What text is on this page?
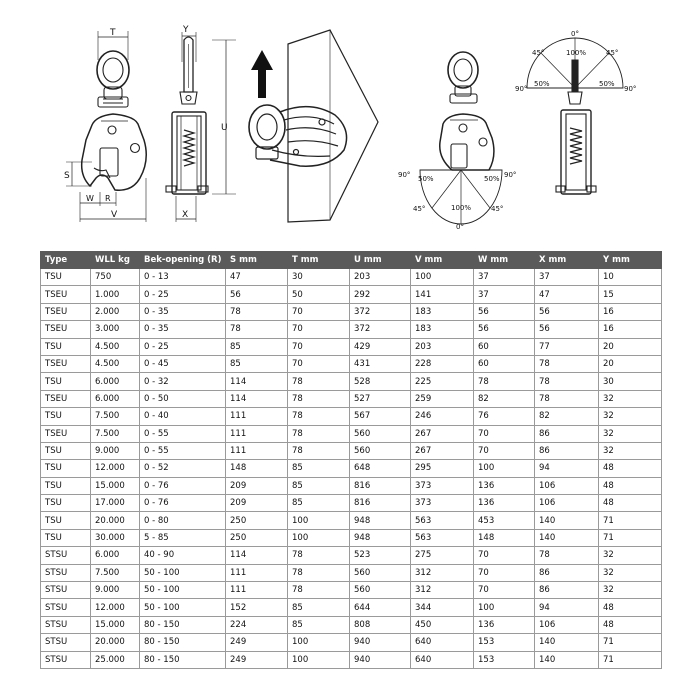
T
S
W R
V
Y
U
X
90°	90°
50%	50%
45°	45°
100%
0°
0°
45°	45°
100%
50%	50%
90°	90°
Type	WLL kg	Bek-opening (R)	S mm	T mm	U mm	V mm	W mm	X mm	Y mm
TSU	750	0 - 13	47	30	203	100	37	37	10
TSEU	1.000	0 - 25	56	50	292	141	37	47	15
TSEU	2.000	0 - 35	78	70	372	183	56	56	16
TSEU	3.000	0 - 35	78	70	372	183	56	56	16
TSU	4.500	0 - 25	85	70	429	203	60	77	20
TSEU	4.500	0 - 45	85	70	431	228	60	78	20
TSU	6.000	0 - 32	114	78	528	225	78	78	30
TSEU	6.000	0 - 50	114	78	527	259	82	78	32
TSU	7.500	0 - 40	111	78	567	246	76	82	32
TSEU	7.500	0 - 55	111	78	560	267	70	86	32
TSU	9.000	0 - 55	111	78	560	267	70	86	32
TSU	12.000	0 - 52	148	85	648	295	100	94	48
TSU	15.000	0 - 76	209	85	816	373	136	106	48
TSU	17.000	0 - 76	209	85	816	373	136	106	48
TSU	20.000	0 - 80	250	100	948	563	453	140	71
TSU	30.000	5 - 85	250	100	948	563	148	140	71
STSU	6.000	40 - 90	114	78	523	275	70	78	32
STSU	7.500	50 - 100	111	78	560	312	70	86	32
STSU	9.000	50 - 100	111	78	560	312	70	86	32
STSU	12.000	50 - 100	152	85	644	344	100	94	48
STSU	15.000	80 - 150	224	85	808	450	136	106	48
STSU	20.000	80 - 150	249	100	940	640	153	140	71
STSU	25.000	80 - 150	249	100	940	640	153	140	71
